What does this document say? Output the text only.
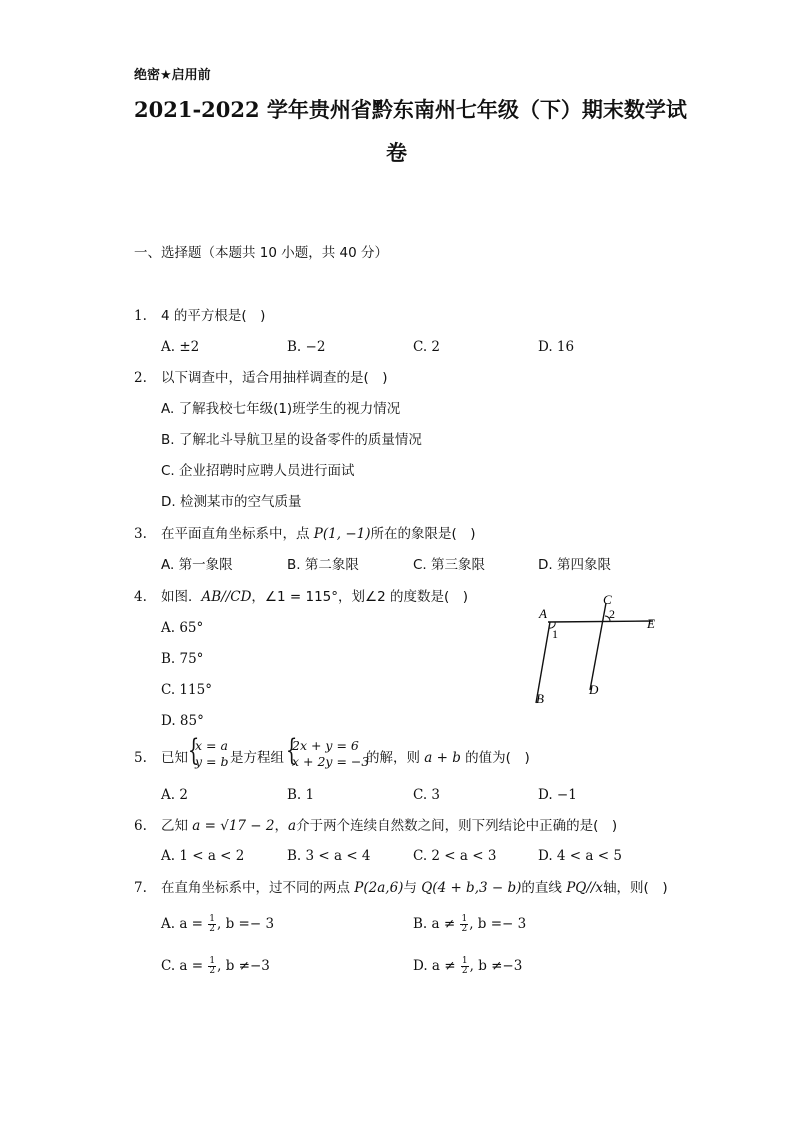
绝密★启用前
2021-2022 学年贵州省黔东南州七年级（下）期末数学试
卷
一、选择题（本题共 10 小题，共 40 分）
1. 4 的平方根是(　)
A. ±2	B. −2	C. 2	D. 16
2. 以下调查中，适合用抽样调查的是(　)
A. 了解我校七年级(1)班学生的视力情况
B. 了解北斗导航卫星的设备零件的质量情况
C. 企业招聘时应聘人员进行面试
D. 检测某市的空气质量
3. 在平面直角坐标系中，点 P(1, −1)所在的象限是(　)
A. 第一象限	B. 第二象限	C. 第三象限	D. 第四象限
4. 如图．AB//CD，∠1 = 115°，划∠2 的度数是(　)
A. 65°
B. 75°
C. 115°
D. 85°
A
B
C
D
E
1
2
5. 已知 {
x = a
y = b 是方程组 {
2x + y = 6
x + 2y = −3
的解，则 a + b 的值为(　)
A. 2	B. 1	C. 3	D. −1
6. 乙知 a = √17 − 2，a介于两个连续自然数之间，则下列结论中正确的是(　)
A. 1 < a < 2	B. 3 < a < 4	C. 2 < a < 3	D. 4 < a < 5
7. 在直角坐标系中，过不同的两点 P(2a,6)与 Q(4 + b,3 − b)的直线 PQ//x轴，则(　)
A. $a = \frac{1}{2}$ , b =− 3	B. $a \ne \frac{1}{2}$ , b =− 3
C. $a = \frac{1}{2}$ , b ≠−3	D. $a \ne \frac{1}{2}$ , b ≠−3
